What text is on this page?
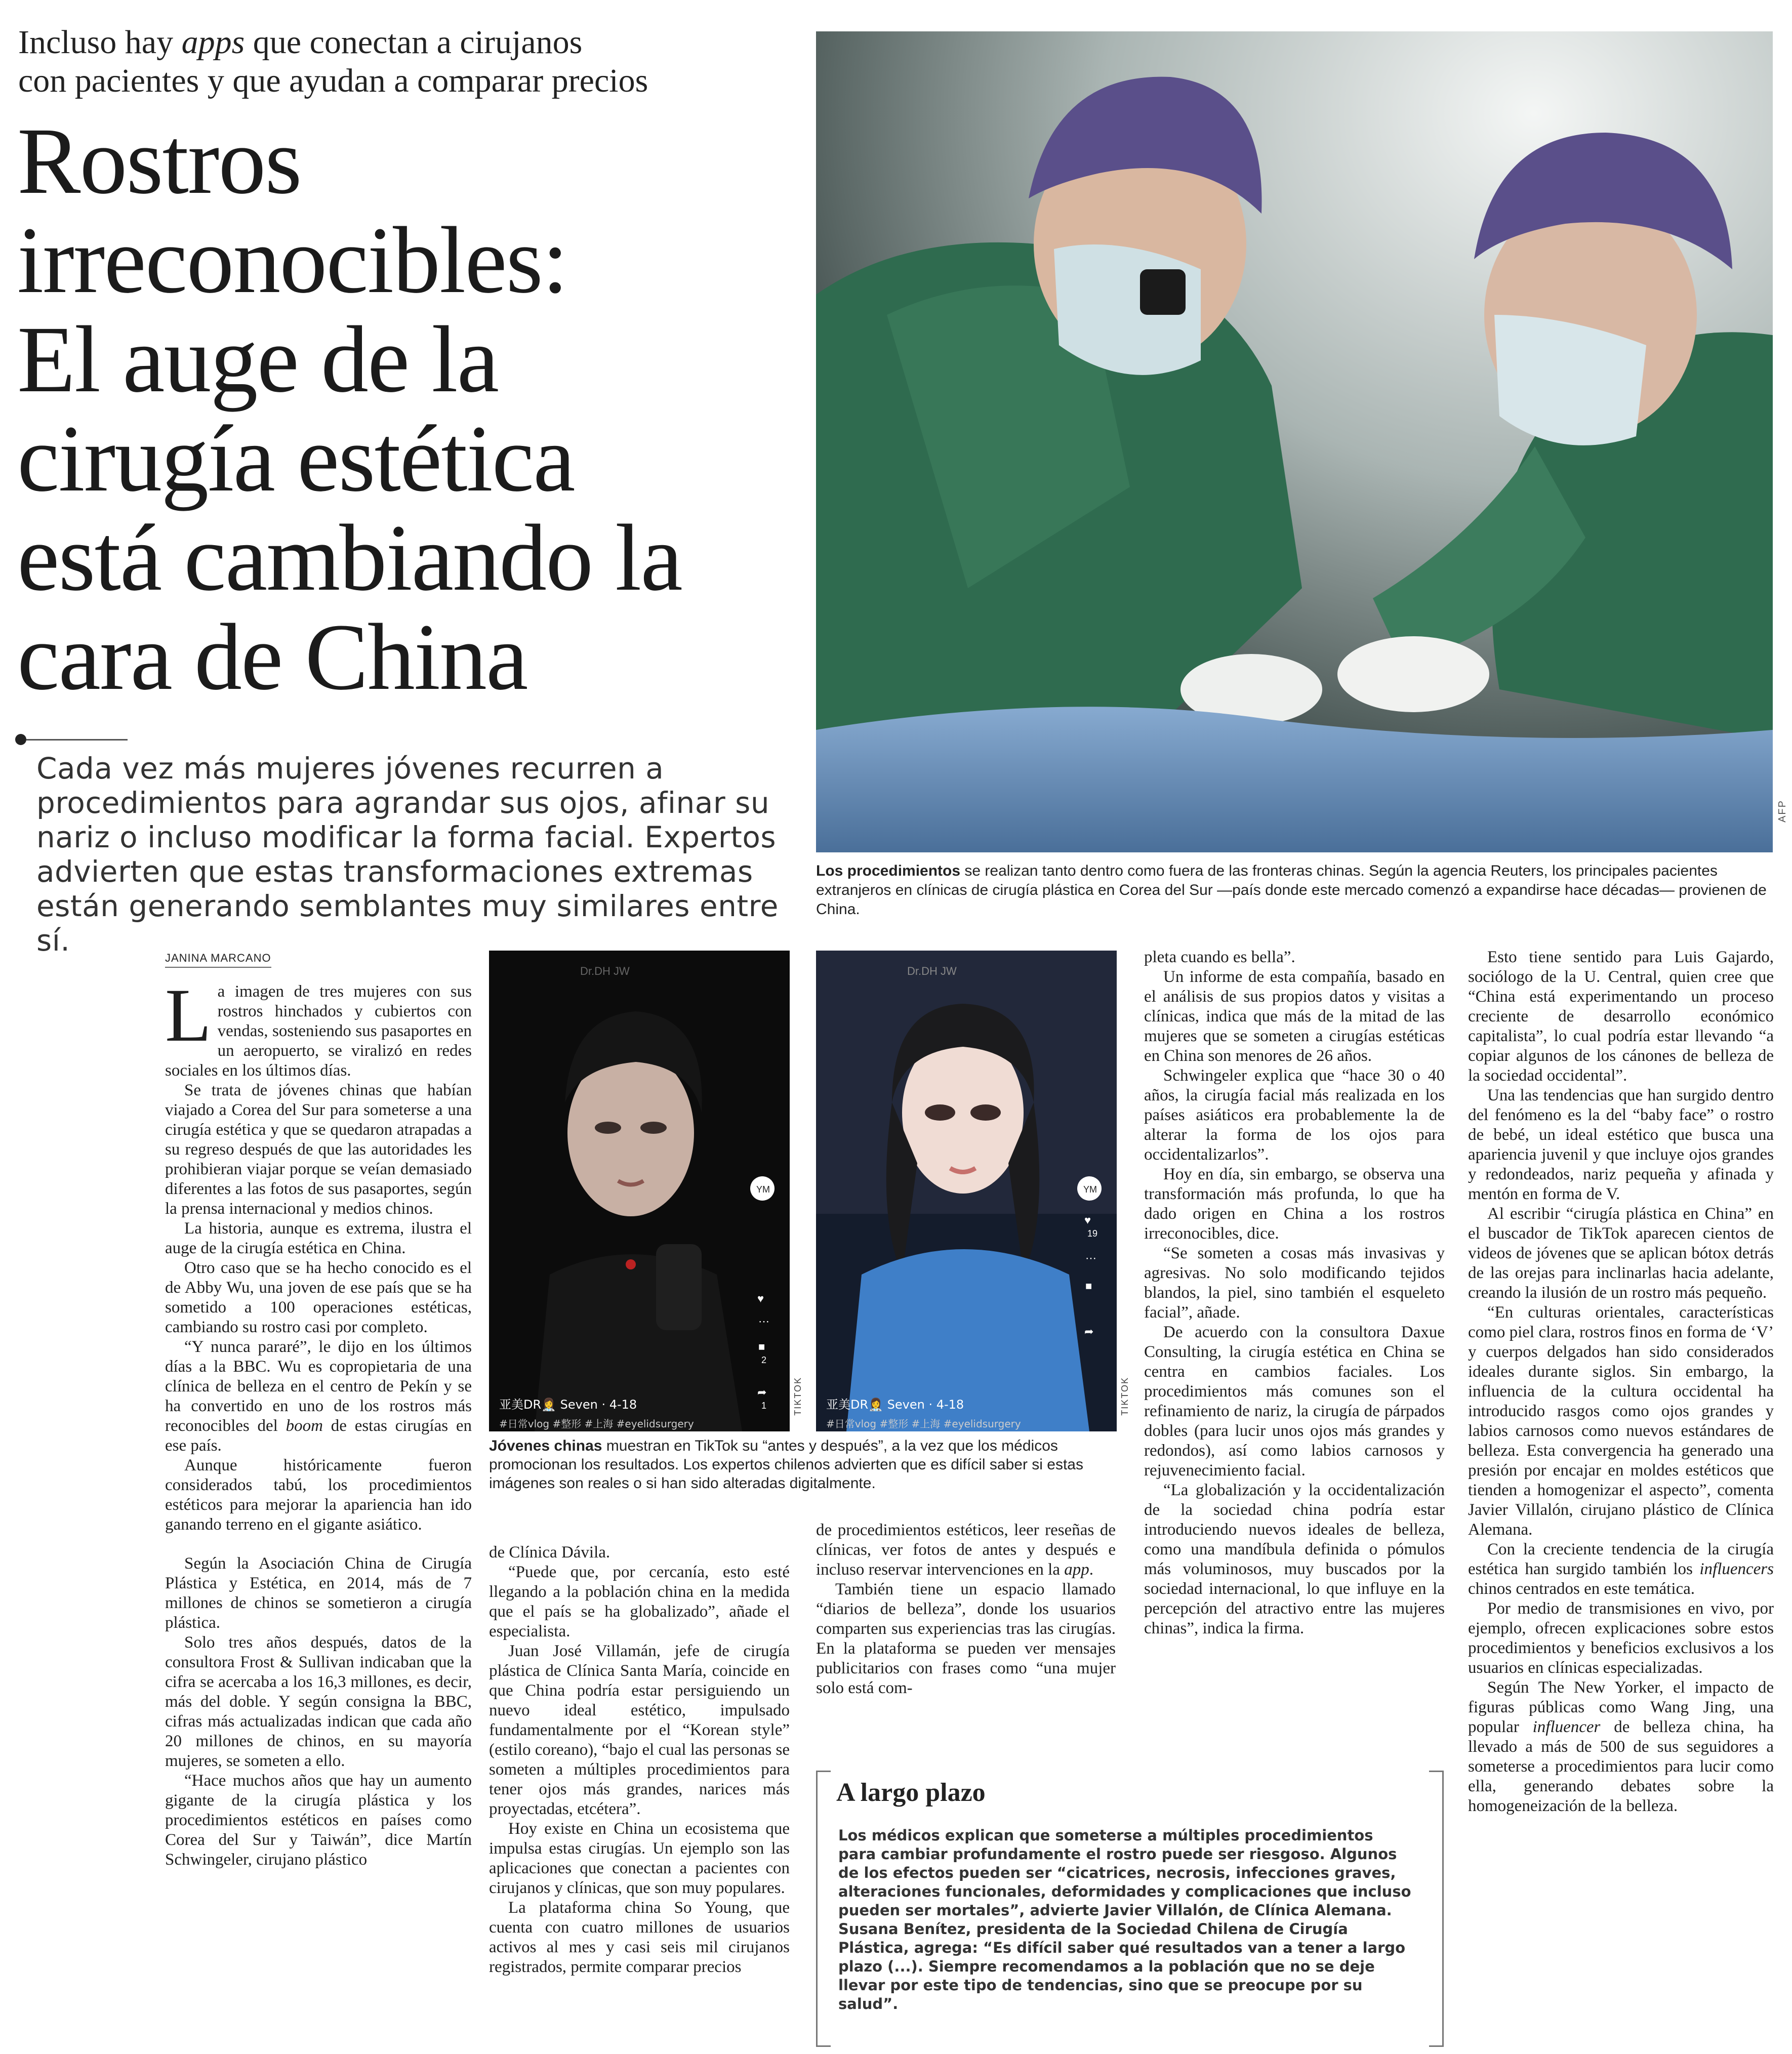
Incluso hay apps que conectan a cirujanos
con pacientes y que ayudan a comparar precios
Rostros
irreconocibles:
El auge de la
cirugía estética
está cambiando la
cara de China
Cada vez más mujeres jóvenes recurren a procedimientos para agrandar sus ojos, afinar su nariz o incluso modificar la forma facial. Expertos advierten que estas transformaciones extremas están generando semblantes muy similares entre sí.
AFP
Los procedimientos se realizan tanto dentro como fuera de las fronteras chinas. Según la agencia Reuters, los principales pacientes extranjeros en clínicas de cirugía plástica en Corea del Sur —país donde este mercado comenzó a expandirse hace décadas— provienen de China.
JANINA MARCANO

La imagen de tres mujeres con sus rostros hinchados y cubiertos con vendas, sosteniendo sus pasaportes en un aeropuerto, se viralizó en redes sociales en los últimos días.

Se trata de jóvenes chinas que habían viajado a Corea del Sur para someterse a una cirugía estética y que se quedaron atrapadas a su regreso después de que las autoridades les prohibieran viajar porque se veían demasiado diferentes a las fotos de sus pasaportes, según la prensa internacional y medios chinos.

La historia, aunque es extrema, ilustra el auge de la cirugía estética en China.

Otro caso que se ha hecho conocido es el de Abby Wu, una joven de ese país que se ha sometido a 100 operaciones estéticas, cambiando su rostro casi por completo.

“Y nunca pararé”, le dijo en los últimos días a la BBC. Wu es copropietaria de una clínica de belleza en el centro de Pekín y se ha convertido en uno de los rostros más reconocibles del boom de estas cirugías en ese país.

Aunque históricamente fueron considerados tabú, los procedimientos estéticos para mejorar la apariencia han ido ganando terreno en el gigante asiático.

Según la Asociación China de Cirugía Plástica y Estética, en 2014, más de 7 millones de chinos se sometieron a cirugía plástica.

Solo tres años después, datos de la consultora Frost & Sullivan indicaban que la cifra se acercaba a los 16,3 millones, es decir, más del doble. Y según consigna la BBC, cifras más actualizadas indican que cada año 20 millones de chinos, en su mayoría mujeres, se someten a ello.

“Hace muchos años que hay un aumento gigante de la cirugía plástica y los procedimientos estéticos en países como Corea del Sur y Taiwán”, dice Martín Schwingeler, cirujano plástico

Dr.DH JW
YM
♥
⋯
■
2
➦
1
亚美DR👩‍⚕️ Seven · 4-18
#日常vlog #整形 #上海 #eyelidsurgery
TIKTOK
Dr.DH JW
YM
♥
19
⋯
■
➦
亚美DR👩‍⚕️ Seven · 4-18
#日常vlog #整形 #上海 #eyelidsurgery
TIKTOK
Jóvenes chinas muestran en TikTok su “antes y después”, a la vez que los médicos promocionan los resultados. Los expertos chilenos advierten que es difícil saber si estas imágenes son reales o si han sido alteradas digitalmente.

de Clínica Dávila.

“Puede que, por cercanía, esto esté llegando a la población china en la medida que el país se ha globalizado”, añade el especialista.

Juan José Villamán, jefe de cirugía plástica de Clínica Santa María, coincide en que China podría estar persiguiendo un nuevo ideal estético, impulsado fundamentalmente por el “Korean style” (estilo coreano), “bajo el cual las personas se someten a múltiples procedimientos para tener ojos más grandes, narices más proyectadas, etcétera”.

Hoy existe en China un ecosistema que impulsa estas cirugías. Un ejemplo son las aplicaciones que conectan a pacientes con cirujanos y clínicas, que son muy populares.

La plataforma china So Young, que cuenta con cuatro millones de usuarios activos al mes y casi seis mil cirujanos registrados, permite comparar precios

de procedimientos estéticos, leer reseñas de clínicas, ver fotos de antes y después e incluso reservar intervenciones en la app.

También tiene un espacio llamado “diarios de belleza”, donde los usuarios comparten sus experiencias tras las cirugías. En la plataforma se pueden ver mensajes publicitarios con frases como “una mujer solo está com-

pleta cuando es bella”.

Un informe de esta compañía, basado en el análisis de sus propios datos y visitas a clínicas, indica que más de la mitad de las mujeres que se someten a cirugías estéticas en China son menores de 26 años.

Schwingeler explica que “hace 30 o 40 años, la cirugía facial más realizada en los países asiáticos era probablemente la de alterar la forma de los ojos para occidentalizarlos”.

Hoy en día, sin embargo, se observa una transformación más profunda, lo que ha dado origen en China a los rostros irreconocibles, dice.

“Se someten a cosas más invasivas y agresivas. No solo modificando tejidos blandos, la piel, sino también el esqueleto facial”, añade.

De acuerdo con la consultora Daxue Consulting, la cirugía estética en China se centra en cambios faciales. Los procedimientos más comunes son el refinamiento de nariz, la cirugía de párpados dobles (para lucir unos ojos más grandes y redondos), así como labios carnosos y rejuvenecimiento facial.

“La globalización y la occidentalización de la sociedad china podría estar introduciendo nuevos ideales de belleza, como una mandíbula definida o pómulos más voluminosos, muy buscados por la sociedad internacional, lo que influye en la percepción del atractivo entre las mujeres chinas”, indica la firma.

Esto tiene sentido para Luis Gajardo, sociólogo de la U. Central, quien cree que “China está experimentando un proceso creciente de desarrollo económico capitalista”, lo cual podría estar llevando “a copiar algunos de los cánones de belleza de la sociedad occidental”.

Una las tendencias que han surgido dentro del fenómeno es la del “baby face” o rostro de bebé, un ideal estético que busca una apariencia juvenil y que incluye ojos grandes y redondeados, nariz pequeña y afinada y mentón en forma de V.

Al escribir “cirugía plástica en China” en el buscador de TikTok aparecen cientos de videos de jóvenes que se aplican bótox detrás de las orejas para inclinarlas hacia adelante, creando la ilusión de un rostro más pequeño.

“En culturas orientales, características como piel clara, rostros finos en forma de ‘V’ y cuerpos delgados han sido considerados ideales durante siglos. Sin embargo, la influencia de la cultura occidental ha introducido rasgos como ojos grandes y labios carnosos como nuevos estándares de belleza. Esta convergencia ha generado una presión por encajar en moldes estéticos que tienden a homogenizar el aspecto”, comenta Javier Villalón, cirujano plástico de Clínica Alemana.

Con la creciente tendencia de la cirugía estética han surgido también los influencers chinos centrados en este temática.

Por medio de transmisiones en vivo, por ejemplo, ofrecen explicaciones sobre estos procedimientos y beneficios exclusivos a los usuarios en clínicas especializadas.

Según The New Yorker, el impacto de figuras públicas como Wang Jing, una popular influencer de belleza china, ha llevado a más de 500 de sus seguidores a someterse a procedimientos para lucir como ella, generando debates sobre la homogeneización de la belleza.

A largo plazo

Los médicos explican que someterse a múltiples procedimientos para cambiar profundamente el rostro puede ser riesgoso. Algunos de los efectos pueden ser “cicatrices, necrosis, infecciones graves, alteraciones funcionales, deformidades y complicaciones que incluso pueden ser mortales”, advierte Javier Villalón, de Clínica Alemana.

Susana Benítez, presidenta de la Sociedad Chilena de Cirugía Plástica, agrega: “Es difícil saber qué resultados van a tener a largo plazo (...). Siempre recomendamos a la población que no se deje llevar por este tipo de tendencias, sino que se preocupe por su salud”.
